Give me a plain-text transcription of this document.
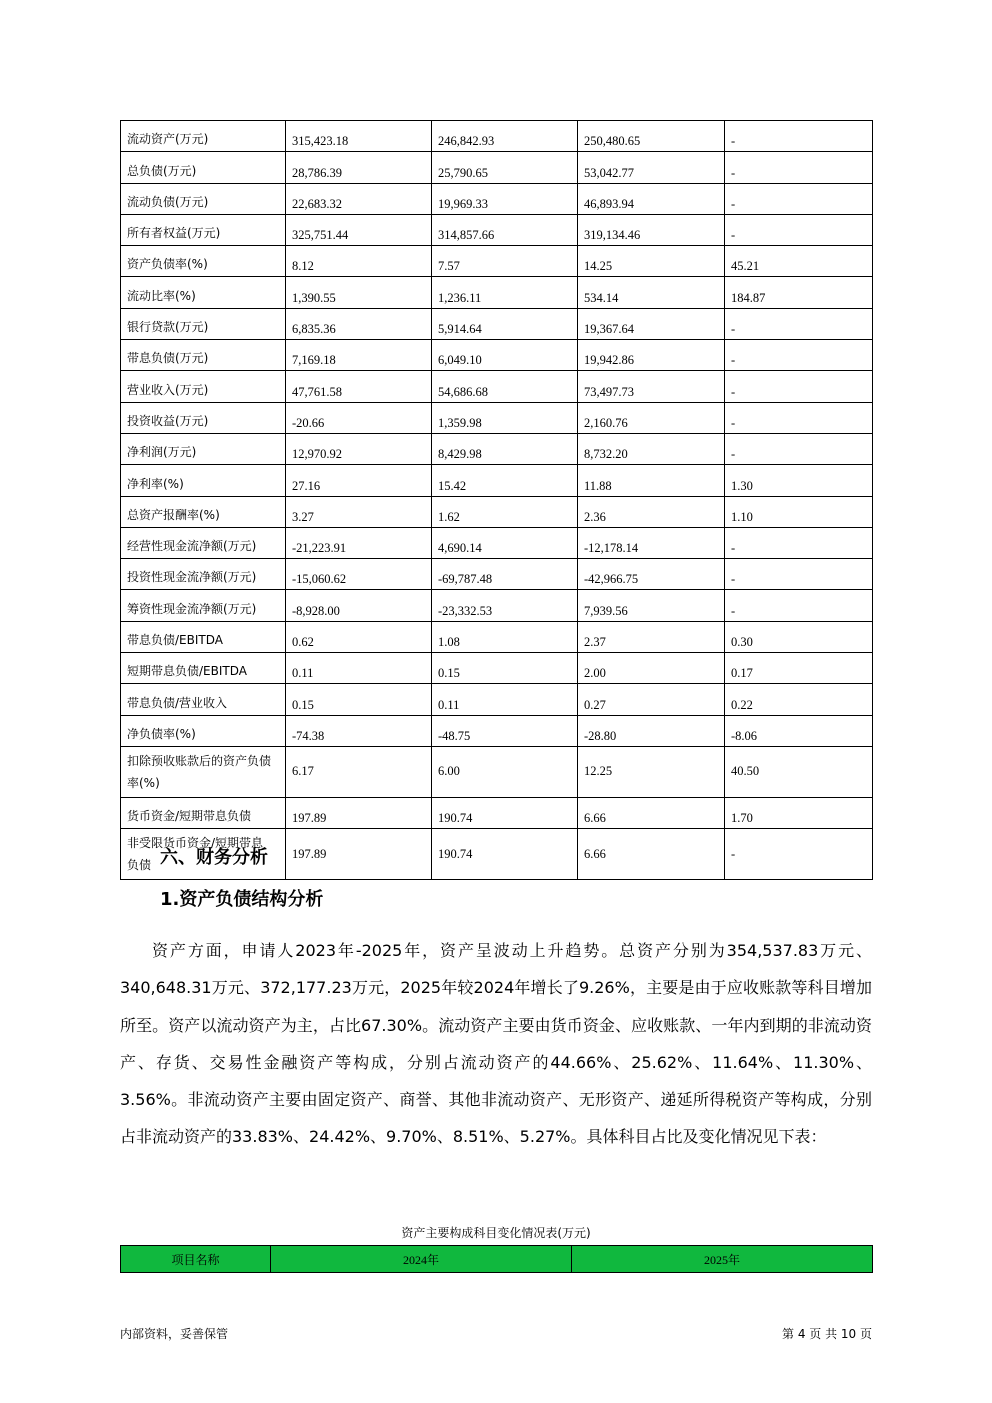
流动资产(万元)	315,423.18	246,842.93	250,480.65	-
总负债(万元)	28,786.39	25,790.65	53,042.77	-
流动负债(万元)	22,683.32	19,969.33	46,893.94	-
所有者权益(万元)	325,751.44	314,857.66	319,134.46	-
资产负债率(%)	8.12	7.57	14.25	45.21
流动比率(%)	1,390.55	1,236.11	534.14	184.87
银行贷款(万元)	6,835.36	5,914.64	19,367.64	-
带息负债(万元)	7,169.18	6,049.10	19,942.86	-
营业收入(万元)	47,761.58	54,686.68	73,497.73	-
投资收益(万元)	-20.66	1,359.98	2,160.76	-
净利润(万元)	12,970.92	8,429.98	8,732.20	-
净利率(%)	27.16	15.42	11.88	1.30
总资产报酬率(%)	3.27	1.62	2.36	1.10
经营性现金流净额(万元)	-21,223.91	4,690.14	-12,178.14	-
投资性现金流净额(万元)	-15,060.62	-69,787.48	-42,966.75	-
筹资性现金流净额(万元)	-8,928.00	-23,332.53	7,939.56	-
带息负债/EBITDA	0.62	1.08	2.37	0.30
短期带息负债/EBITDA	0.11	0.15	2.00	0.17
带息负债/营业收入	0.15	0.11	0.27	0.22
净负债率(%)	-74.38	-48.75	-28.80	-8.06

扣除预收账款后的资产负债
率(%)	6.17	6.00	12.25	40.50
货币资金/短期带息负债	197.89	190.74	6.66	1.70

非受限货币资金/短期带息
负债	197.89	190.74	6.66	-
六、财务分析
1.资产负债结构分析

资产方面，申请人2023年-2025年，资产呈波动上升趋势。总资产分别为354,537.83万元、340,648.31万元、372,177.23万元，2025年较2024年增长了9.26%，主要是由于应收账款等科目增加所至。资产以流动资产为主，占比67.30%。流动资产主要由货币资金、应收账款、一年内到期的非流动资产、存货、交易性金融资产等构成，分别占流动资产的44.66%、25.62%、11.64%、11.30%、3.56%。非流动资产主要由固定资产、商誉、其他非流动资产、无形资产、递延所得税资产等构成，分别占非流动资产的33.83%、24.42%、9.70%、8.51%、5.27%。具体科目占比及变化情况见下表：

资产主要构成科目变化情况表(万元)
项目名称	2024年	2025年
内部资料，妥善保管	第 4 页 共 10 页
